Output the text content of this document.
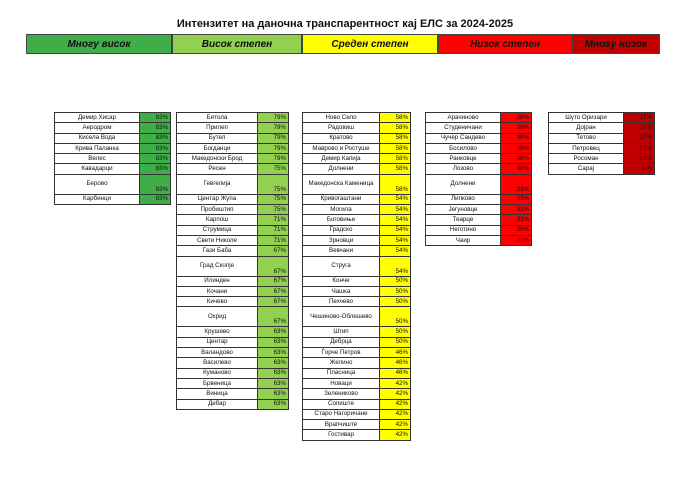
Интензитет на даночна транспарентност кај ЕЛС за 2024-2025
Многу висок	Висок степен	Среден степен	Низок степен	Многу низок
Демир Хисар	83%
Аеродром	83%
Кисела Вода	83%
Крива Паланка	83%
Велес	83%
Кавадарци	83%
Берово	83%
Карбинци	83%
Битола	79%
Прилеп	79%
Бутел	79%
Богданци	79%
Македонски Брод	79%
Ресен	75%
Гевгелија	75%
Центар Жупа	75%
Пробиштип	75%
Карпош	71%
Струмица	71%
Свети Николе	71%
Гази Баба	67%
Град Скопје	67%
Илинден	67%
Кочани	67%
Кичево	67%
Охрид	67%
Крушево	63%
Центар	63%
Валандово	63%
Василево	63%
Куманово	63%
Брвеница	63%
Виница	63%
Дебар	63%
Ново Село	58%
Радовиш	58%
Кратово	58%
Маврово и Ростуше	58%
Демир Капија	58%
Долнени	58%
Македонска Каменица	58%
Кривогаштани	54%
Могила	54%
Боговиње	54%
Градско	54%
Зрновци	54%
Вевчани	54%
Струга	54%
Конче	50%
Чашка	50%
Пехчево	50%
Чешиново-Облешево	50%
Штип	50%
Дебрца	50%
Ѓорче Петров	46%
Желино	46%
Пласница	46%
Новаци	42%
Зелениково	42%
Сопиште	42%
Старо Нагоричане	42%
Врапчиште	42%
Гостивар	42%
Арачиново	38%
Студеничани	38%
Чучер Сандево	38%
Босилово	38%
Ранковце	38%
Лозово	38%
Долнени	33%
Липково	33%
Јегуновце	33%
Теарце	33%
Неготино	29%
Чаир	21%
Шуто Оризари	17%
Дојран	17%
Тетово	17%
Петровец	13%
Росоман	13%
Сарај	8%
